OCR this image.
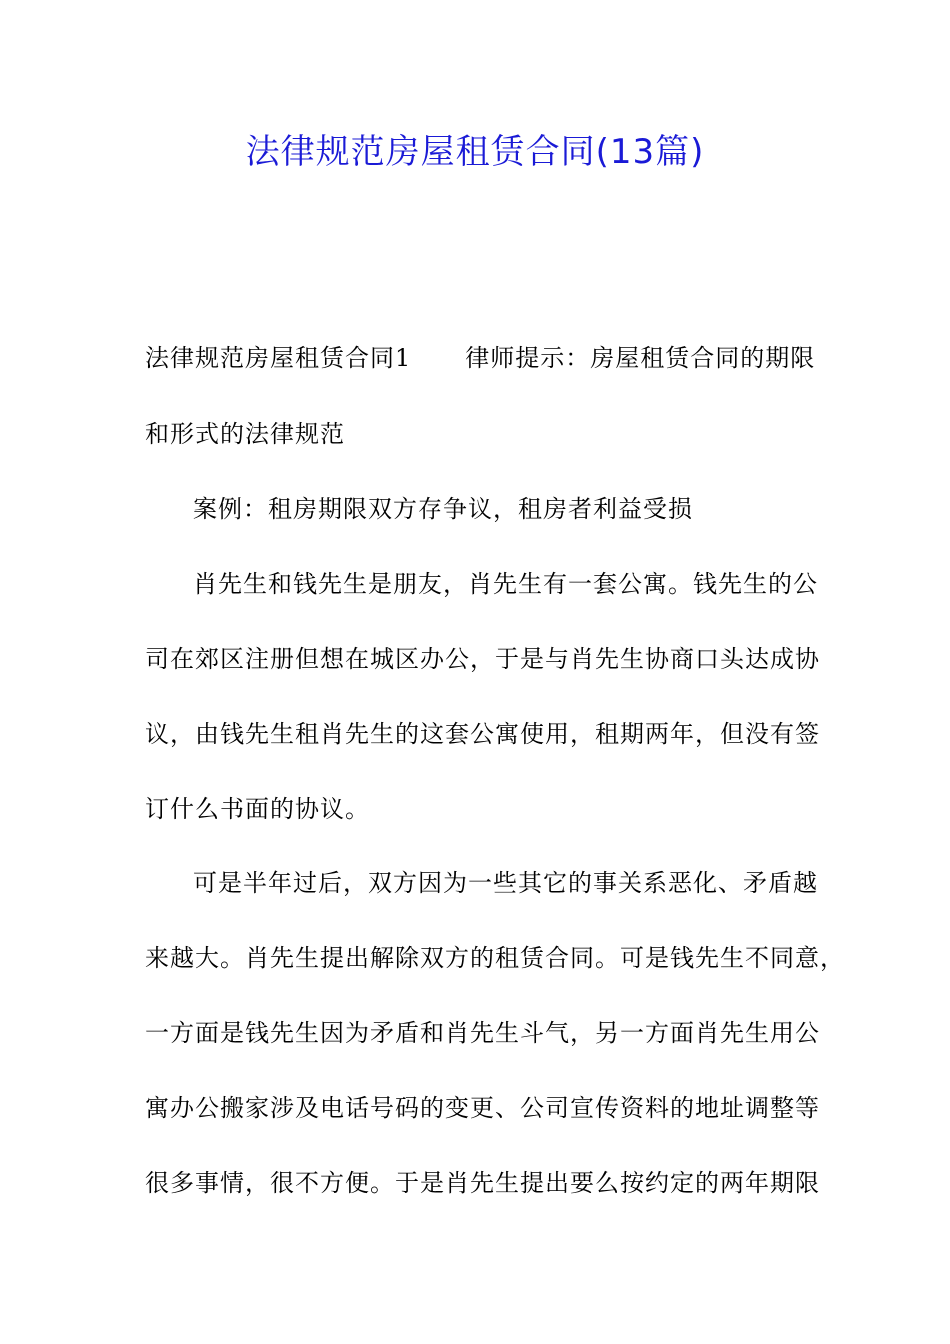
法律规范房屋租赁合同(13篇)
法律规范房屋租赁合同1 律师提示：房屋租赁合同的期限
和形式的法律规范
案例：租房期限双方存争议，租房者利益受损
肖先生和钱先生是朋友，肖先生有一套公寓。钱先生的公
司在郊区注册但想在城区办公，于是与肖先生协商口头达成协
议，由钱先生租肖先生的这套公寓使用，租期两年，但没有签
订什么书面的协议。
可是半年过后，双方因为一些其它的事关系恶化、矛盾越
来越大。肖先生提出解除双方的租赁合同。可是钱先生不同意，
一方面是钱先生因为矛盾和肖先生斗气，另一方面肖先生用公
寓办公搬家涉及电话号码的变更、公司宣传资料的地址调整等
很多事情，很不方便。于是肖先生提出要么按约定的两年期限
